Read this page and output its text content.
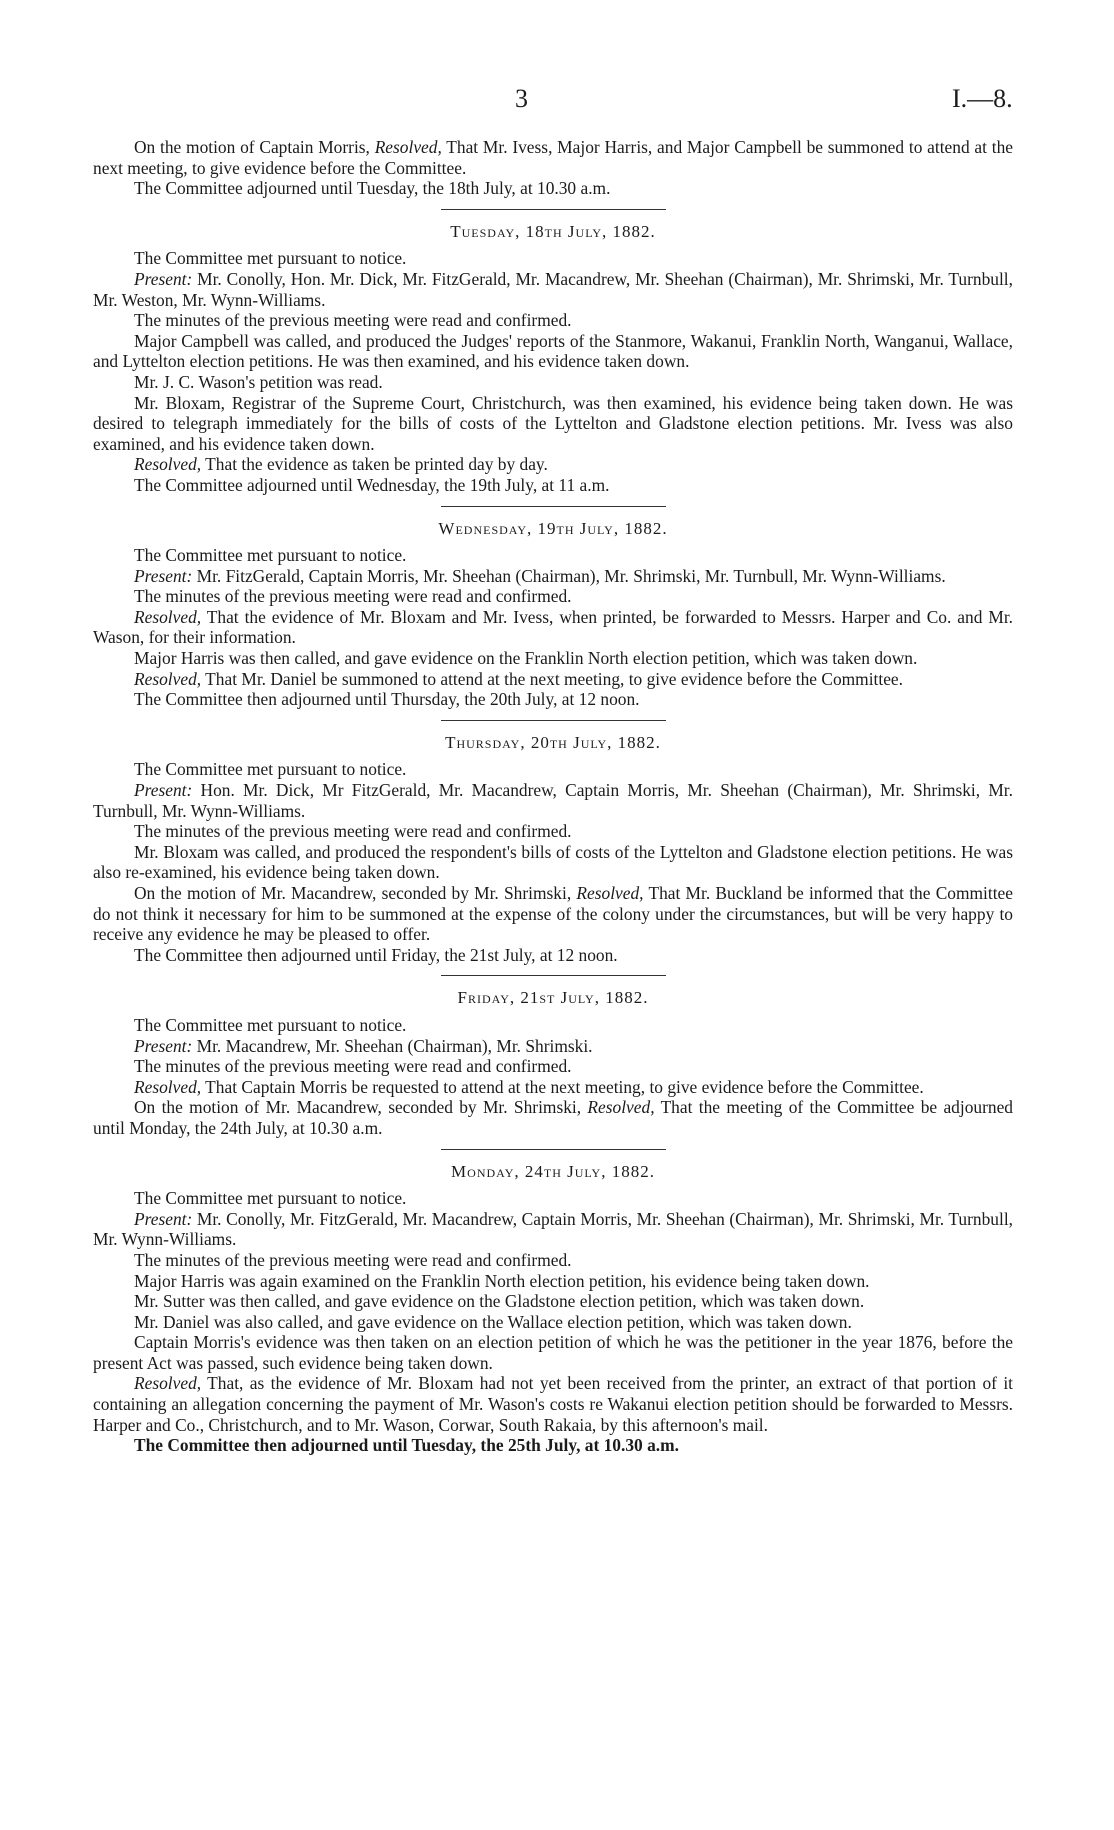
3	I.—8.

On the motion of Captain Morris, Resolved, That Mr. Ivess, Major Harris, and Major Campbell be summoned to attend at the next meeting, to give evidence before the Committee.

The Committee adjourned until Tuesday, the 18th July, at 10.30 a.m.

Tuesday, 18th July, 1882.

The Committee met pursuant to notice.

Present: Mr. Conolly, Hon. Mr. Dick, Mr. FitzGerald, Mr. Macandrew, Mr. Sheehan (Chairman), Mr. Shrimski, Mr. Turnbull, Mr. Weston, Mr. Wynn-Williams.

The minutes of the previous meeting were read and confirmed.

Major Campbell was called, and produced the Judges' reports of the Stanmore, Wakanui, Franklin North, Wanganui, Wallace, and Lyttelton election petitions. He was then examined, and his evidence taken down.

Mr. J. C. Wason's petition was read.

Mr. Bloxam, Registrar of the Supreme Court, Christchurch, was then examined, his evidence being taken down. He was desired to telegraph immediately for the bills of costs of the Lyttelton and Gladstone election petitions. Mr. Ivess was also examined, and his evidence taken down.

Resolved, That the evidence as taken be printed day by day.

The Committee adjourned until Wednesday, the 19th July, at 11 a.m.

Wednesday, 19th July, 1882.

The Committee met pursuant to notice.

Present: Mr. FitzGerald, Captain Morris, Mr. Sheehan (Chairman), Mr. Shrimski, Mr. Turnbull, Mr. Wynn-Williams.

The minutes of the previous meeting were read and confirmed.

Resolved, That the evidence of Mr. Bloxam and Mr. Ivess, when printed, be forwarded to Messrs. Harper and Co. and Mr. Wason, for their information.

Major Harris was then called, and gave evidence on the Franklin North election petition, which was taken down.

Resolved, That Mr. Daniel be summoned to attend at the next meeting, to give evidence before the Committee.

The Committee then adjourned until Thursday, the 20th July, at 12 noon.

Thursday, 20th July, 1882.

The Committee met pursuant to notice.

Present: Hon. Mr. Dick, Mr FitzGerald, Mr. Macandrew, Captain Morris, Mr. Sheehan (Chairman), Mr. Shrimski, Mr. Turnbull, Mr. Wynn-Williams.

The minutes of the previous meeting were read and confirmed.

Mr. Bloxam was called, and produced the respondent's bills of costs of the Lyttelton and Gladstone election petitions. He was also re-examined, his evidence being taken down.

On the motion of Mr. Macandrew, seconded by Mr. Shrimski, Resolved, That Mr. Buckland be informed that the Committee do not think it necessary for him to be summoned at the expense of the colony under the circumstances, but will be very happy to receive any evidence he may be pleased to offer.

The Committee then adjourned until Friday, the 21st July, at 12 noon.

Friday, 21st July, 1882.

The Committee met pursuant to notice.

Present: Mr. Macandrew, Mr. Sheehan (Chairman), Mr. Shrimski.

The minutes of the previous meeting were read and confirmed.

Resolved, That Captain Morris be requested to attend at the next meeting, to give evidence before the Committee.

On the motion of Mr. Macandrew, seconded by Mr. Shrimski, Resolved, That the meeting of the Committee be adjourned until Monday, the 24th July, at 10.30 a.m.

Monday, 24th July, 1882.

The Committee met pursuant to notice.

Present: Mr. Conolly, Mr. FitzGerald, Mr. Macandrew, Captain Morris, Mr. Sheehan (Chairman), Mr. Shrimski, Mr. Turnbull, Mr. Wynn-Williams.

The minutes of the previous meeting were read and confirmed.

Major Harris was again examined on the Franklin North election petition, his evidence being taken down.

Mr. Sutter was then called, and gave evidence on the Gladstone election petition, which was taken down.

Mr. Daniel was also called, and gave evidence on the Wallace election petition, which was taken down.

Captain Morris's evidence was then taken on an election petition of which he was the petitioner in the year 1876, before the present Act was passed, such evidence being taken down.

Resolved, That, as the evidence of Mr. Bloxam had not yet been received from the printer, an extract of that portion of it containing an allegation concerning the payment of Mr. Wason's costs re Wakanui election petition should be forwarded to Messrs. Harper and Co., Christchurch, and to Mr. Wason, Corwar, South Rakaia, by this afternoon's mail.

The Committee then adjourned until Tuesday, the 25th July, at 10.30 a.m.
